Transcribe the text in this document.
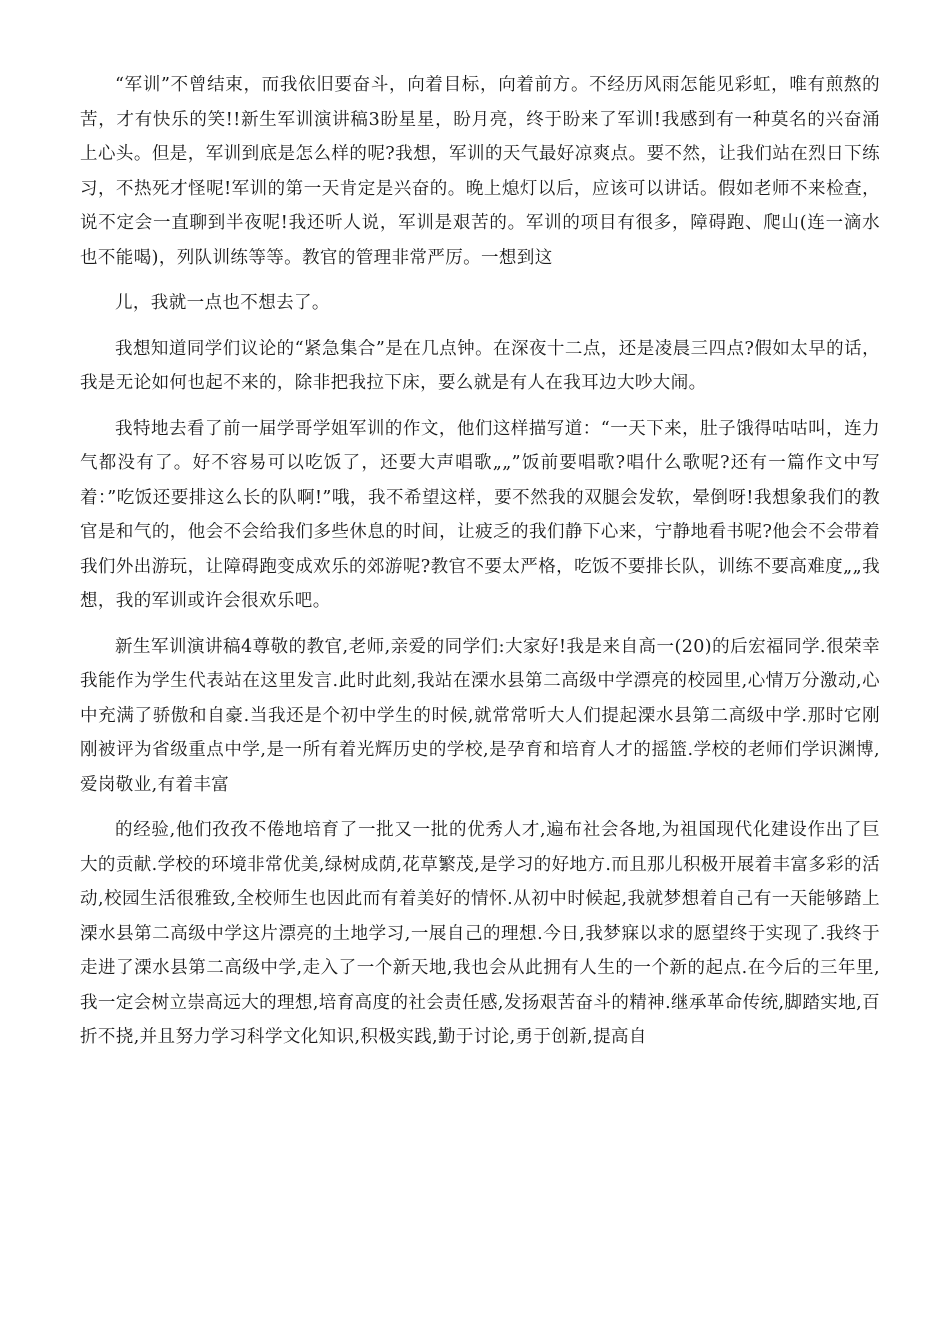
“军训”不曾结束，而我依旧要奋斗，向着目标，向着前方。不经历风雨怎能见彩虹，唯有煎熬的苦，才有快乐的笑!!新生军训演讲稿3盼星星，盼月亮，终于盼来了军训!我感到有一种莫名的兴奋涌上心头。但是，军训到底是怎么样的呢?我想，军训的天气最好凉爽点。要不然，让我们站在烈日下练习，不热死才怪呢!军训的第一天肯定是兴奋的。晚上熄灯以后，应该可以讲话。假如老师不来检查，说不定会一直聊到半夜呢!我还听人说，军训是艰苦的。军训的项目有很多，障碍跑、爬山(连一滴水也不能喝)，列队训练等等。教官的管理非常严厉。一想到这

儿，我就一点也不想去了。

我想知道同学们议论的“紧急集合”是在几点钟。在深夜十二点，还是凌晨三四点?假如太早的话，我是无论如何也起不来的，除非把我拉下床，要么就是有人在我耳边大吵大闹。

我特地去看了前一届学哥学姐军训的作文，他们这样描写道：“一天下来，肚子饿得咕咕叫，连力气都没有了。好不容易可以吃饭了，还要大声唱歌„„”饭前要唱歌?唱什么歌呢?还有一篇作文中写着：”吃饭还要排这么长的队啊!”哦，我不希望这样，要不然我的双腿会发软，晕倒呀!我想象我们的教官是和气的，他会不会给我们多些休息的时间，让疲乏的我们静下心来，宁静地看书呢?他会不会带着我们外出游玩，让障碍跑变成欢乐的郊游呢?教官不要太严格，吃饭不要排长队，训练不要高难度„„我想，我的军训或许会很欢乐吧。

新生军训演讲稿4尊敬的教官,老师,亲爱的同学们:大家好!我是来自高一(20)的后宏福同学.很荣幸我能作为学生代表站在这里发言.此时此刻,我站在溧水县第二高级中学漂亮的校园里,心情万分激动,心中充满了骄傲和自豪.当我还是个初中学生的时候,就常常听大人们提起溧水县第二高级中学.那时它刚刚被评为省级重点中学,是一所有着光辉历史的学校,是孕育和培育人才的摇篮.学校的老师们学识渊博,爱岗敬业,有着丰富

的经验,他们孜孜不倦地培育了一批又一批的优秀人才,遍布社会各地,为祖国现代化建设作出了巨大的贡献.学校的环境非常优美,绿树成荫,花草繁茂,是学习的好地方.而且那儿积极开展着丰富多彩的活动,校园生活很雅致,全校师生也因此而有着美好的情怀.从初中时候起,我就梦想着自己有一天能够踏上溧水县第二高级中学这片漂亮的土地学习,一展自己的理想.今日,我梦寐以求的愿望终于实现了.我终于走进了溧水县第二高级中学,走入了一个新天地,我也会从此拥有人生的一个新的起点.在今后的三年里,我一定会树立崇高远大的理想,培育高度的社会责任感,发扬艰苦奋斗的精神.继承革命传统,脚踏实地,百折不挠,并且努力学习科学文化知识,积极实践,勤于讨论,勇于创新,提高自
